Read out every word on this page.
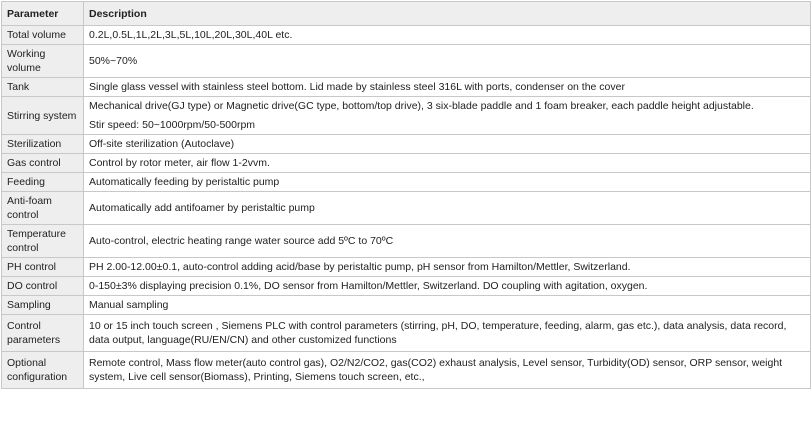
Parameter	Description
Total volume	0.2L,0.5L,1L,2L,3L,5L,10L,20L,30L,40L etc.

Working volume	50%~70%

Tank	Single glass vessel with stainless steel bottom. Lid made by stainless steel 316L with ports, condenser on the cover

Stirring system	Mechanical drive(GJ type) or Magnetic drive(GC type, bottom/top drive), 3 six-blade paddle and 1 foam breaker, each paddle height adjustable.
Stir speed: 50~1000rpm/50-500rpm

Sterilization	Off-site sterilization (Autoclave)

Gas control	Control by rotor meter, air flow 1-2vvm.

Feeding	Automatically feeding by peristaltic pump

Anti-foam control	Automatically add antifoamer by peristaltic pump

Temperature control	Auto-control, electric heating range water source add 5ºC to 70ºC

PH control	PH 2.00-12.00±0.1, auto-control adding acid/base by peristaltic pump, pH sensor from Hamilton/Mettler, Switzerland.

DO control	0-150±3% displaying precision 0.1%, DO sensor from Hamilton/Mettler, Switzerland. DO coupling with agitation, oxygen.

Sampling	Manual sampling

Control parameters	10 or 15 inch touch screen , Siemens PLC with control parameters (stirring, pH, DO, temperature, feeding, alarm, gas etc.), data analysis, data record, data output, language(RU/EN/CN) and other customized functions

Optional configuration	Remote control, Mass flow meter(auto control gas), O2/N2/CO2, gas(CO2) exhaust analysis, Level sensor, Turbidity(OD) sensor, ORP sensor, weight system, Live cell sensor(Biomass), Printing, Siemens touch screen, etc.,
